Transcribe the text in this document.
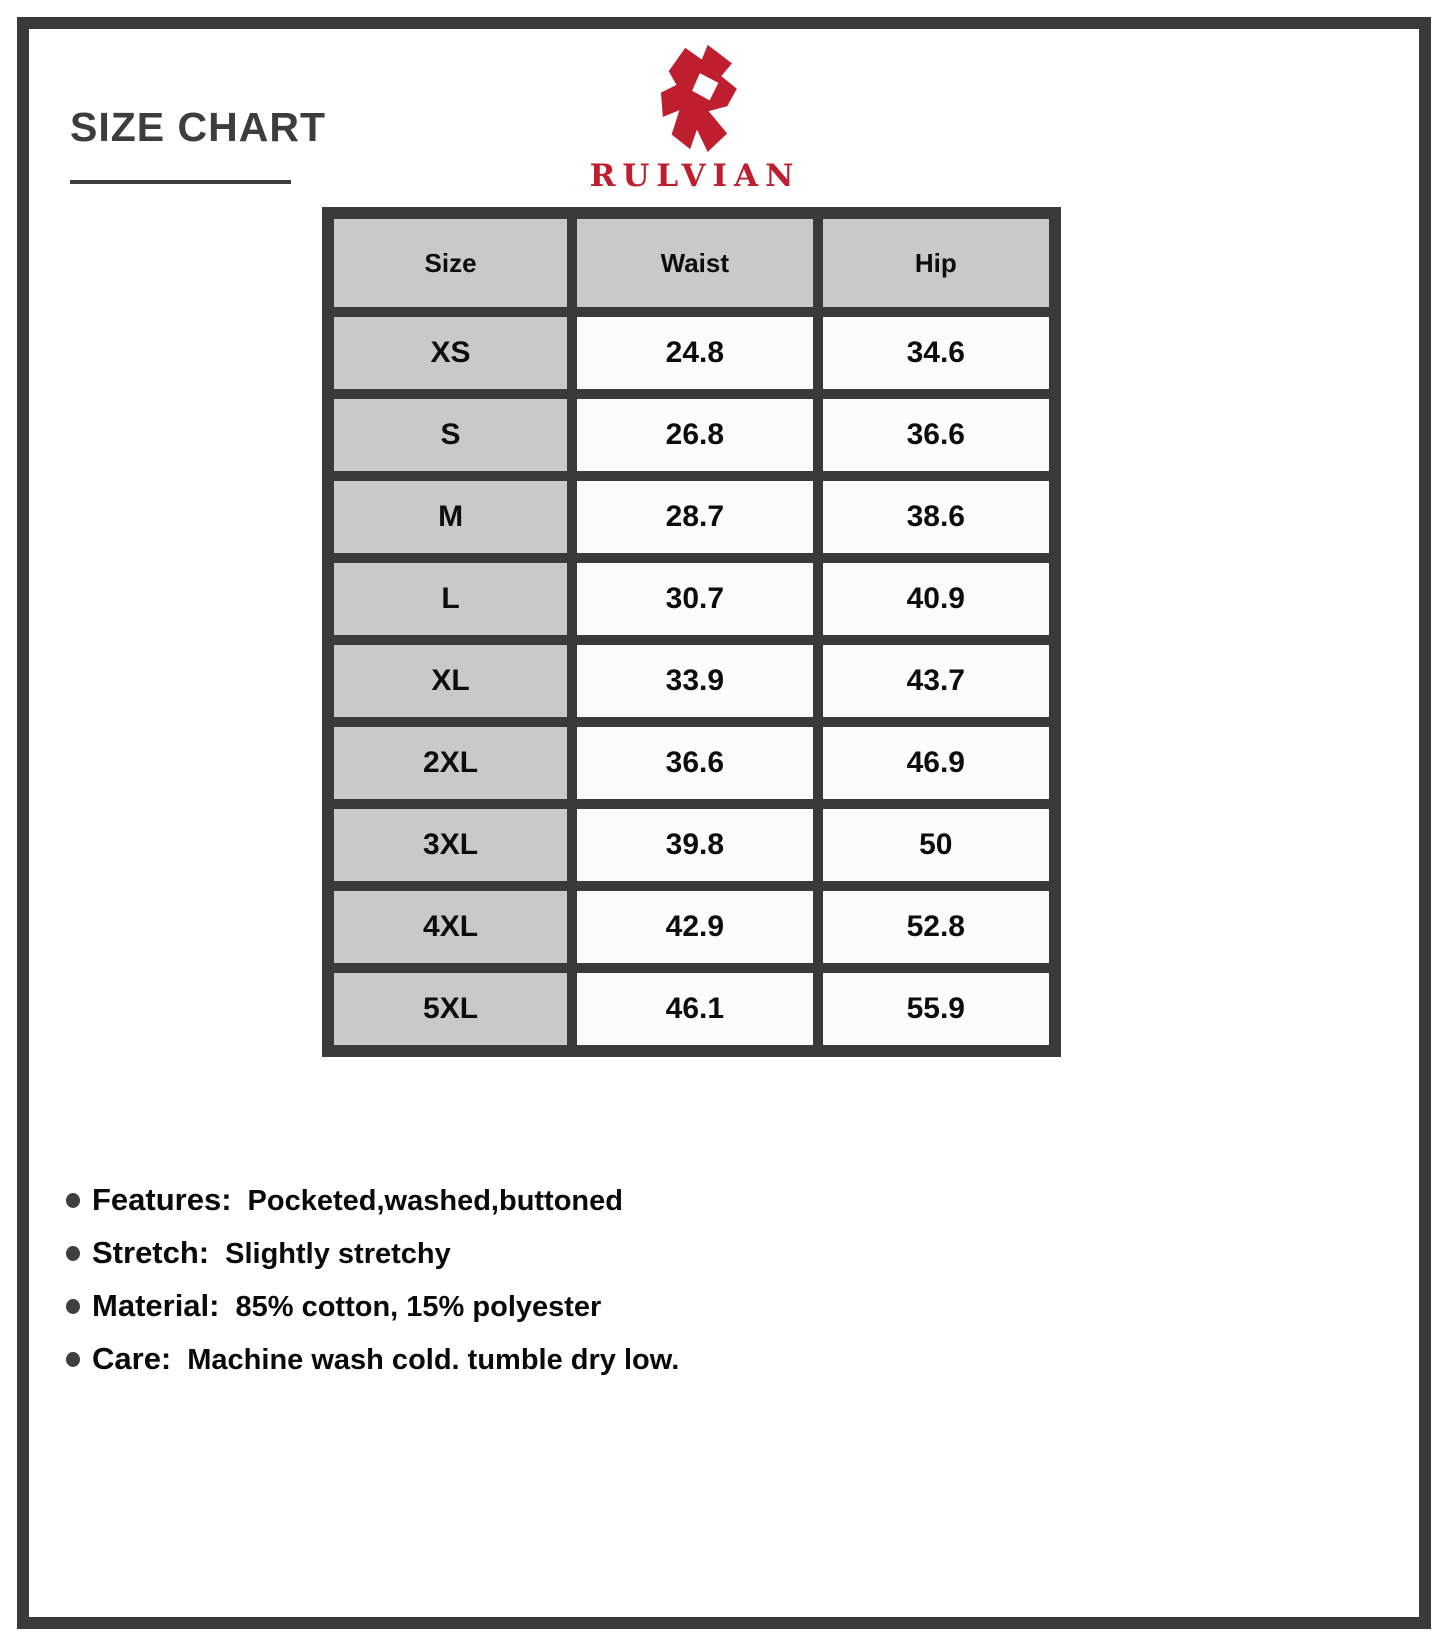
SIZE CHART
RULVIAN
Size	Waist	Hip
XS	24.8	34.6
S	26.8	36.6
M	28.7	38.6
L	30.7	40.9
XL	33.9	43.7
2XL	36.6	46.9
3XL	39.8	50
4XL	42.9	52.8
5XL	46.1	55.9
Features: Pocketed,washed,buttoned
Stretch: Slightly stretchy
Material: 85% cotton, 15% polyester
Care: Machine wash cold. tumble dry low.
